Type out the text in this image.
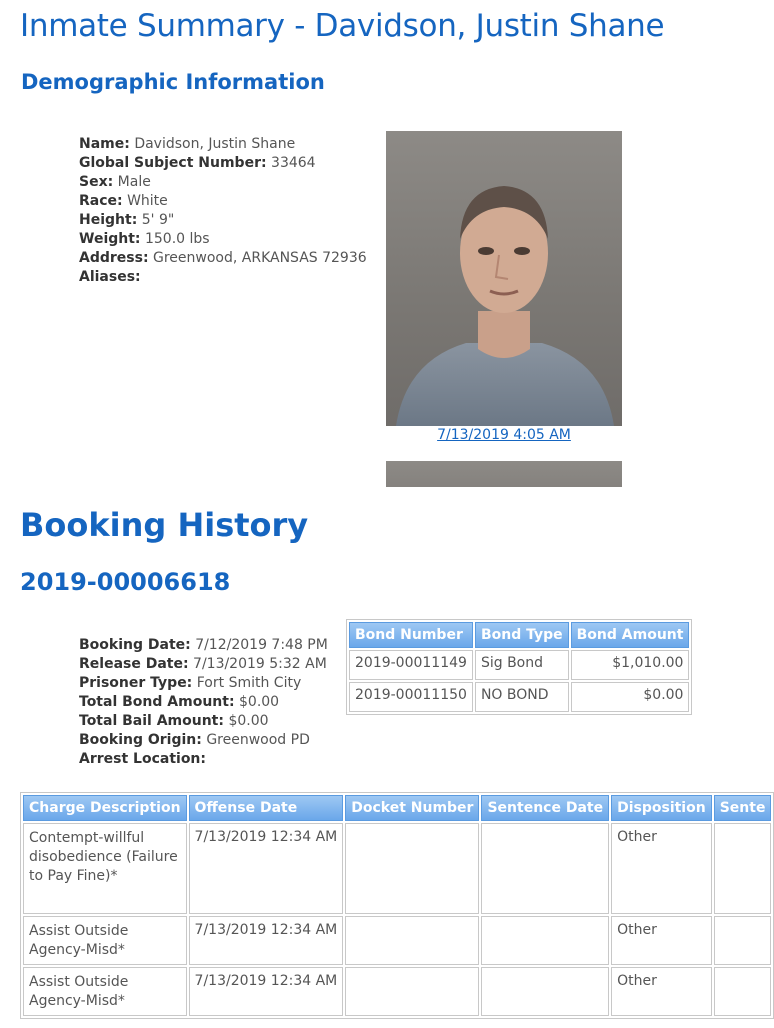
Inmate Summary - Davidson, Justin Shane
Demographic Information
Name: Davidson, Justin Shane
Global Subject Number: 33464
Sex: Male
Race: White
Height: 5' 9"
Weight: 150.0 lbs
Address: Greenwood, ARKANSAS 72936
Aliases:
7/13/2019 4:05 AM
Booking History
2019-00006618
Booking Date: 7/12/2019 7:48 PM
Release Date: 7/13/2019 5:32 AM
Prisoner Type: Fort Smith City
Total Bond Amount: $0.00
Total Bail Amount: $0.00
Booking Origin: Greenwood PD
Arrest Location:
Bond Number	Bond Type	Bond Amount
2019-00011149	Sig Bond	$1,010.00
2019-00011150	NO BOND	$0.00
Charge Description	Offense Date	Docket Number	Sentence Date	Disposition	Sente
Contempt-willful disobedience (Failure to Pay Fine)*	7/13/2019 12:34 AM			Other	
Assist Outside Agency-Misd*	7/13/2019 12:34 AM			Other	
Assist Outside Agency-Misd*	7/13/2019 12:34 AM			Other	
